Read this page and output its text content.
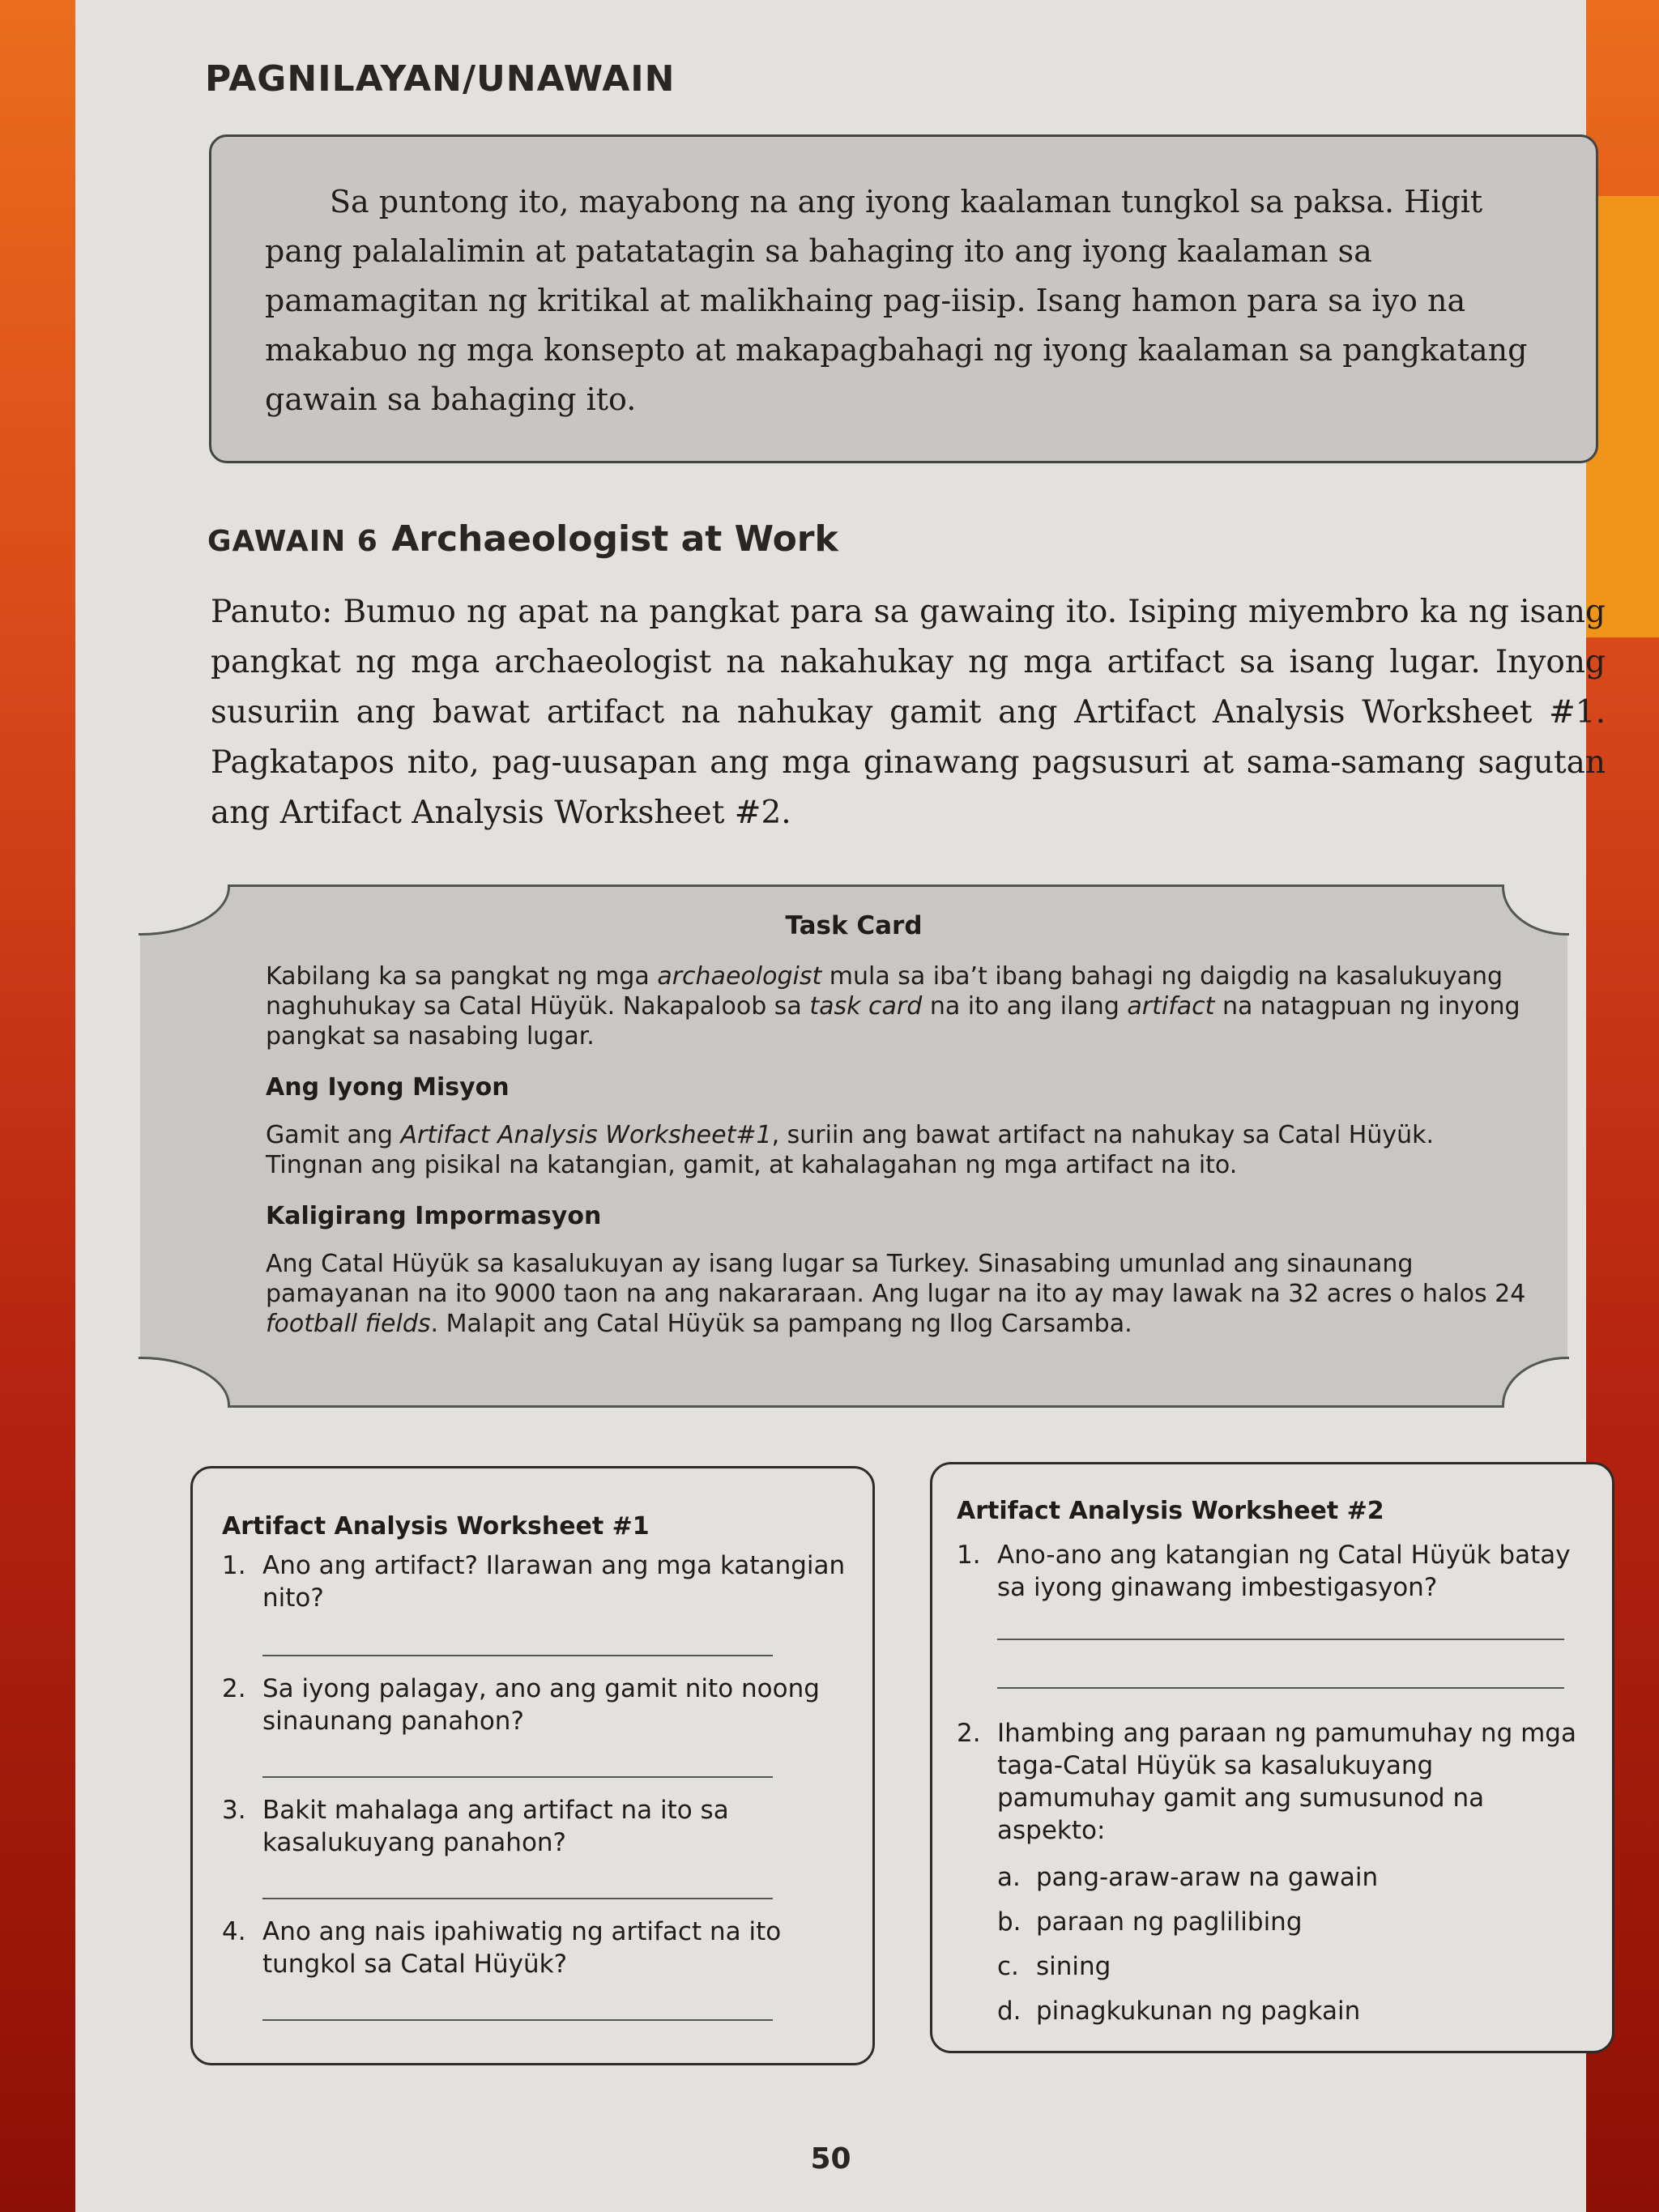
PAGNILAYAN/UNAWAIN

Sa puntong ito, mayabong na ang iyong kaalaman tungkol sa paksa. Higit pang palalalimin at patatatagin sa bahaging ito ang iyong kaalaman sa pamamagitan ng kritikal at malikhaing pag-iisip. Isang hamon para sa iyo na makabuo ng mga konsepto at makapagbahagi ng iyong kaalaman sa pangkatang gawain sa bahaging ito.

GAWAIN 6 Archaeologist at Work

Panuto: Bumuo ng apat na pangkat para sa gawaing ito. Isiping miyembro ka ng isang pangkat ng mga archaeologist na nakahukay ng mga artifact sa isang lugar. Inyong susuriin ang bawat artifact na nahukay gamit ang Artifact Analysis Worksheet #1. Pagkatapos nito, pag-uusapan ang mga ginawang pagsusuri at sama-samang sagutan ang Artifact Analysis Worksheet #2.

Task Card

Kabilang ka sa pangkat ng mga archaeologist mula sa iba’t ibang bahagi ng daigdig na kasalukuyang naghuhukay sa Catal Hüyük. Nakapaloob sa task card na ito ang ilang artifact na natagpuan ng inyong pangkat sa nasabing lugar.

Ang Iyong Misyon

Gamit ang Artifact Analysis Worksheet#1, suriin ang bawat artifact na nahukay sa Catal Hüyük. Tingnan ang pisikal na katangian, gamit, at kahalagahan ng mga artifact na ito.

Kaligirang Impormasyon

Ang Catal Hüyük sa kasalukuyan ay isang lugar sa Turkey. Sinasabing umunlad ang sinaunang pamayanan na ito 9000 taon na ang nakararaan. Ang lugar na ito ay may lawak na 32 acres o halos 24 football fields. Malapit ang Catal Hüyük sa pampang ng Ilog Carsamba.

Artifact Analysis Worksheet #1
1. Ano ang artifact? Ilarawan ang mga katangian nito?
2. Sa iyong palagay, ano ang gamit nito noong sinaunang panahon?
3. Bakit mahalaga ang artifact na ito sa kasalukuyang panahon?
4. Ano ang nais ipahiwatig ng artifact na ito tungkol sa Catal Hüyük?
Artifact Analysis Worksheet #2
1. Ano-ano ang katangian ng Catal Hüyük batay sa iyong ginawang imbestigasyon?
2. Ihambing ang paraan ng pamumuhay ng mga taga-Catal Hüyük sa kasalukuyang pamumuhay gamit ang sumusunod na aspekto:
a. pang-araw-araw na gawain
b. paraan ng paglilibing
c. sining
d. pinagkukunan ng pagkain

50
